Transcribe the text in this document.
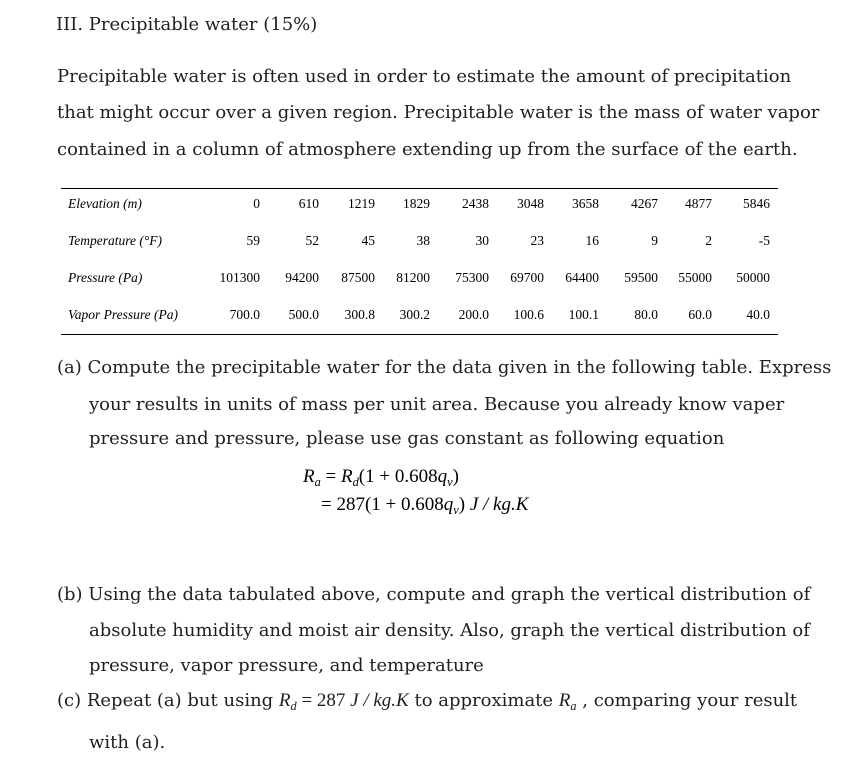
III. Precipitable water (15%)
Precipitable water is often used in order to estimate the amount of precipitation
that might occur over a given region. Precipitable water is the mass of water vapor
contained in a column of atmosphere extending up from the surface of the earth.
Elevation (m)	0	610 1219 1829 2438 3048 3658 4267 4877 5846
Temperature (°F)	59	52	45	38	30	23	16	9	2	-5
Pressure (Pa)	101300 94200 87500 81200 75300 69700 64400 59500 55000 50000
Vapor Pressure (Pa)	700.0 500.0 300.8 300.2 200.0 100.6 100.1	80.0 60.0	40.0
(a) Compute the precipitable water for the data given in the following table. Express
your results in units of mass per unit area. Because you already know vaper
pressure and pressure, please use gas constant as following equation
$R_a = R_d(1 + 0.608q_v)$
= $287(1 + 0.608q_v)$ J / kg.K
(b) Using the data tabulated above, compute and graph the vertical distribution of
absolute humidity and moist air density. Also, graph the vertical distribution of
pressure, vapor pressure, and temperature
(c) Repeat (a) but using $R_d = 287$ J / kg.K to approximate $R_a$ , comparing your result
with (a).
